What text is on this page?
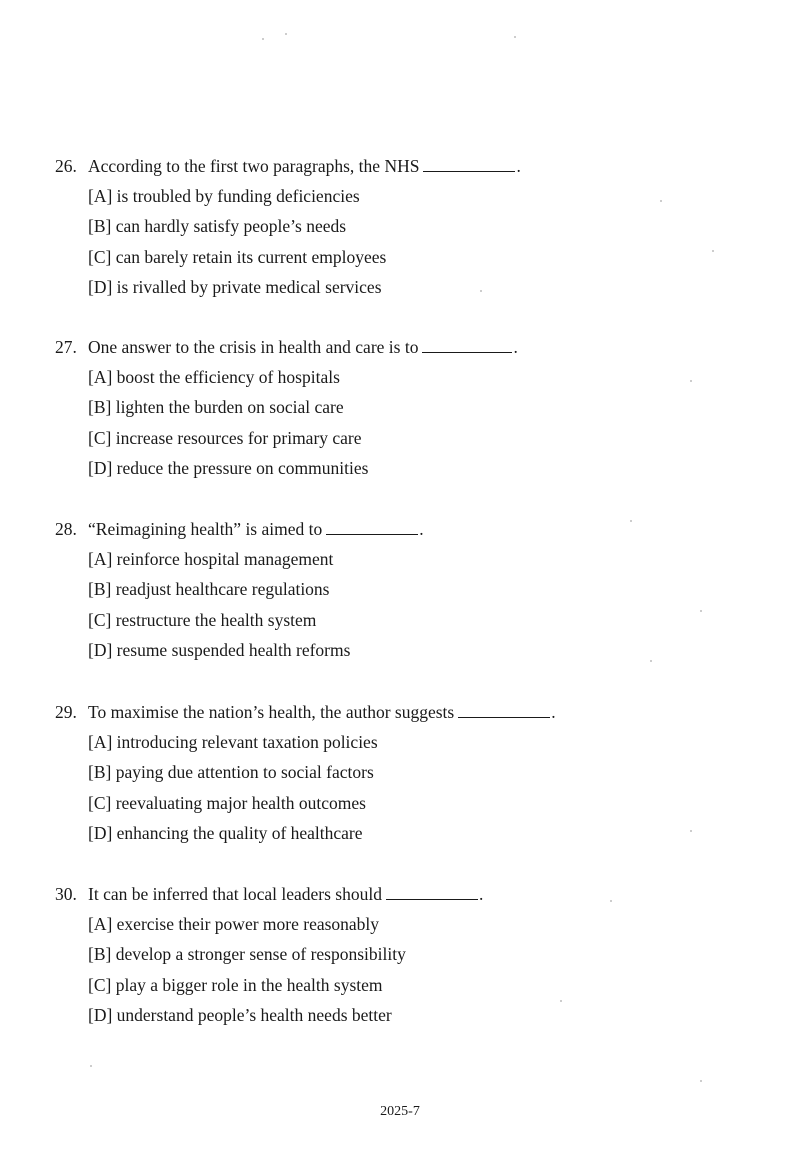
26. According to the first two paragraphs, the NHS	.
[A] is troubled by funding deficiencies
[B] can hardly satisfy people’s needs
[C] can barely retain its current employees
[D] is rivalled by private medical services
27. One answer to the crisis in health and care is to	.
[A] boost the efficiency of hospitals
[B] lighten the burden on social care
[C] increase resources for primary care
[D] reduce the pressure on communities
28. “Reimagining health” is aimed to	.
[A] reinforce hospital management
[B] readjust healthcare regulations
[C] restructure the health system
[D] resume suspended health reforms
29. To maximise the nation’s health, the author suggests	.
[A] introducing relevant taxation policies
[B] paying due attention to social factors
[C] reevaluating major health outcomes
[D] enhancing the quality of healthcare
30. It can be inferred that local leaders should	.
[A] exercise their power more reasonably
[B] develop a stronger sense of responsibility
[C] play a bigger role in the health system
[D] understand people’s health needs better
2025-7
